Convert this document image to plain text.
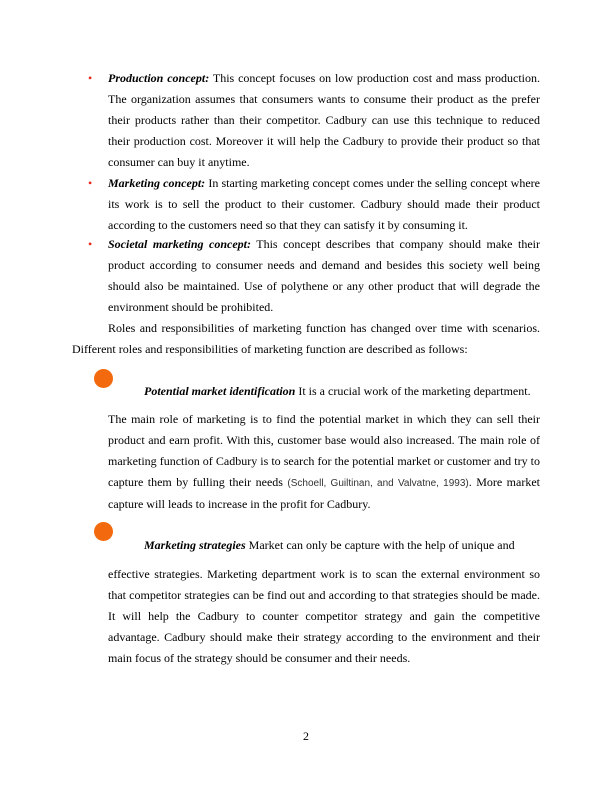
• Production concept: This concept focuses on low production cost and mass production. The organization assumes that consumers wants to consume their product as the prefer their products rather than their competitor. Cadbury can use this technique to reduced their production cost. Moreover it will help the Cadbury to provide their product so that consumer can buy it anytime.
• Marketing concept: In starting marketing concept comes under the selling concept where its work is to sell the product to their customer. Cadbury should made their product according to the customers need so that they can satisfy it by consuming it.
• Societal marketing concept: This concept describes that company should make their product according to consumer needs and demand and besides this society well being should also be maintained. Use of polythene or any other product that will degrade the environment should be prohibited.
Roles and responsibilities of marketing function has changed over time with scenarios. Different roles and responsibilities of marketing function are described as follows:
Potential market identification It is a crucial work of the marketing department.
The main role of marketing is to find the potential market in which they can sell their product and earn profit. With this, customer base would also increased. The main role of marketing function of Cadbury is to search for the potential market or customer and try to capture them by fulling their needs (Schoell, Guiltinan, and Valvatne, 1993). More market capture will leads to increase in the profit for Cadbury.
Marketing strategies Market can only be capture with the help of unique and
effective strategies. Marketing department work is to scan the external environment so that competitor strategies can be find out and according to that strategies should be made. It will help the Cadbury to counter competitor strategy and gain the competitive advantage. Cadbury should make their strategy according to the environment and their main focus of the strategy should be consumer and their needs.
2
